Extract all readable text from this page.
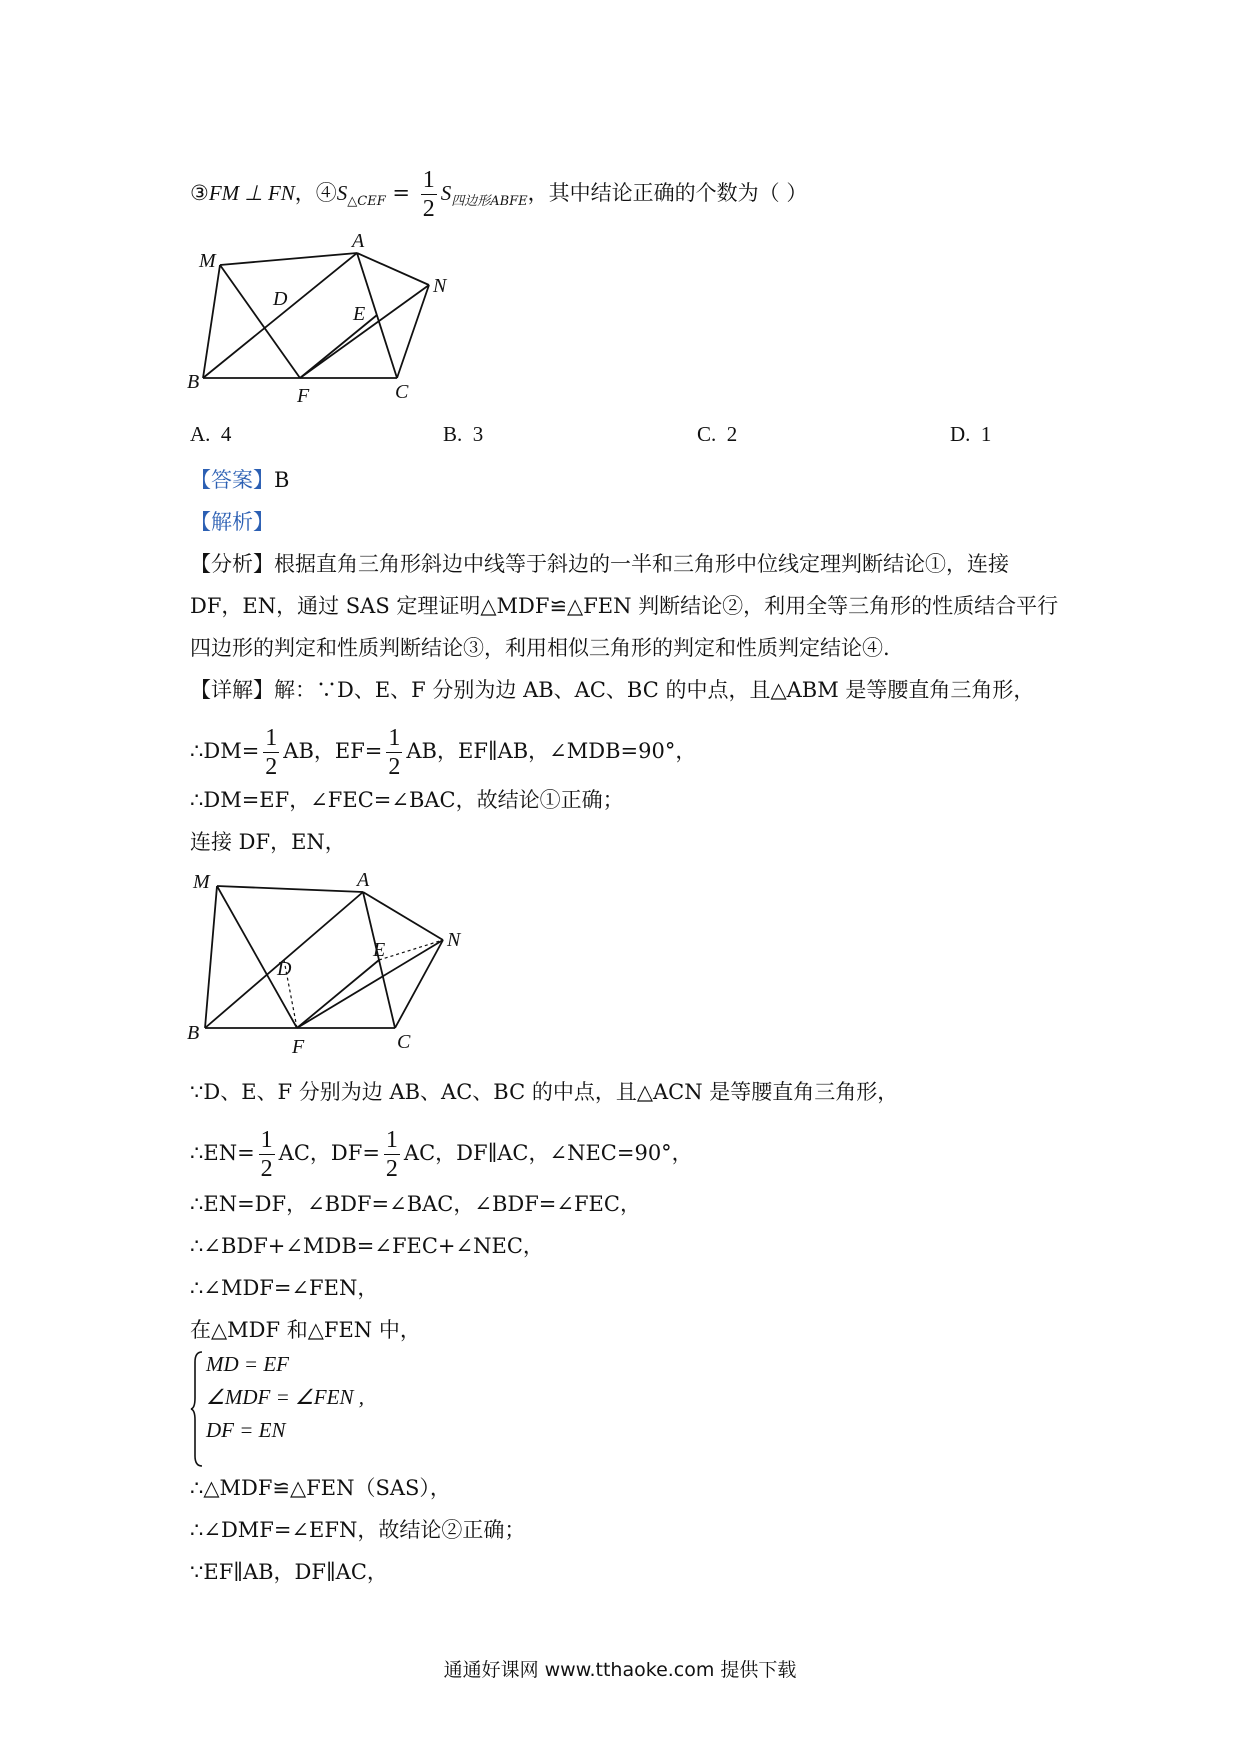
③FM ⊥ FN，$④S_{\triangle CEF} = \frac{1}{2} S_{四边形ABFE}$，其中结论正确的个数为（ ）
M
A
N
D
E
B
F	C
A. 4	B. 3	C. 2	D. 1
【答案】B
【解析】
【分析】根据直角三角形斜边中线等于斜边的一半和三角形中位线定理判断结论①，连接
DF，EN，通过 SAS 定理证明△MDF≌△FEN 判断结论②，利用全等三角形的性质结合平行
四边形的判定和性质判断结论③，利用相似三角形的判定和性质判定结论④.
【详解】解：∵D、E、F 分别为边 AB、AC、BC 的中点，且△ABM 是等腰直角三角形，
∴DM= $\frac{1}{2}$ AB，$EF= \frac{1}{2}$ AB，EF∥AB，∠MDB=90°，
∴DM=EF，∠FEC=∠BAC，故结论①正确；
连接 DF，EN，
M	A
N
D
E
B
F	C
∵D、E、F 分别为边 AB、AC、BC 的中点，且△ACN 是等腰直角三角形，
∴EN= $\frac{1}{2}$ AC，$DF= \frac{1}{2}$ AC，DF∥AC，∠NEC=90°，
∴EN=DF，∠BDF=∠BAC，∠BDF=∠FEC，
∴∠BDF+∠MDB=∠FEC+∠NEC，
∴∠MDF=∠FEN，
在△MDF 和△FEN 中，
MD = EF
∠MDF = ∠FEN ,
DF = EN
∴△MDF≌△FEN（SAS），
∴∠DMF=∠EFN，故结论②正确；
∵EF∥AB，DF∥AC，
通通好课网 www.tthaoke.com 提供下载
